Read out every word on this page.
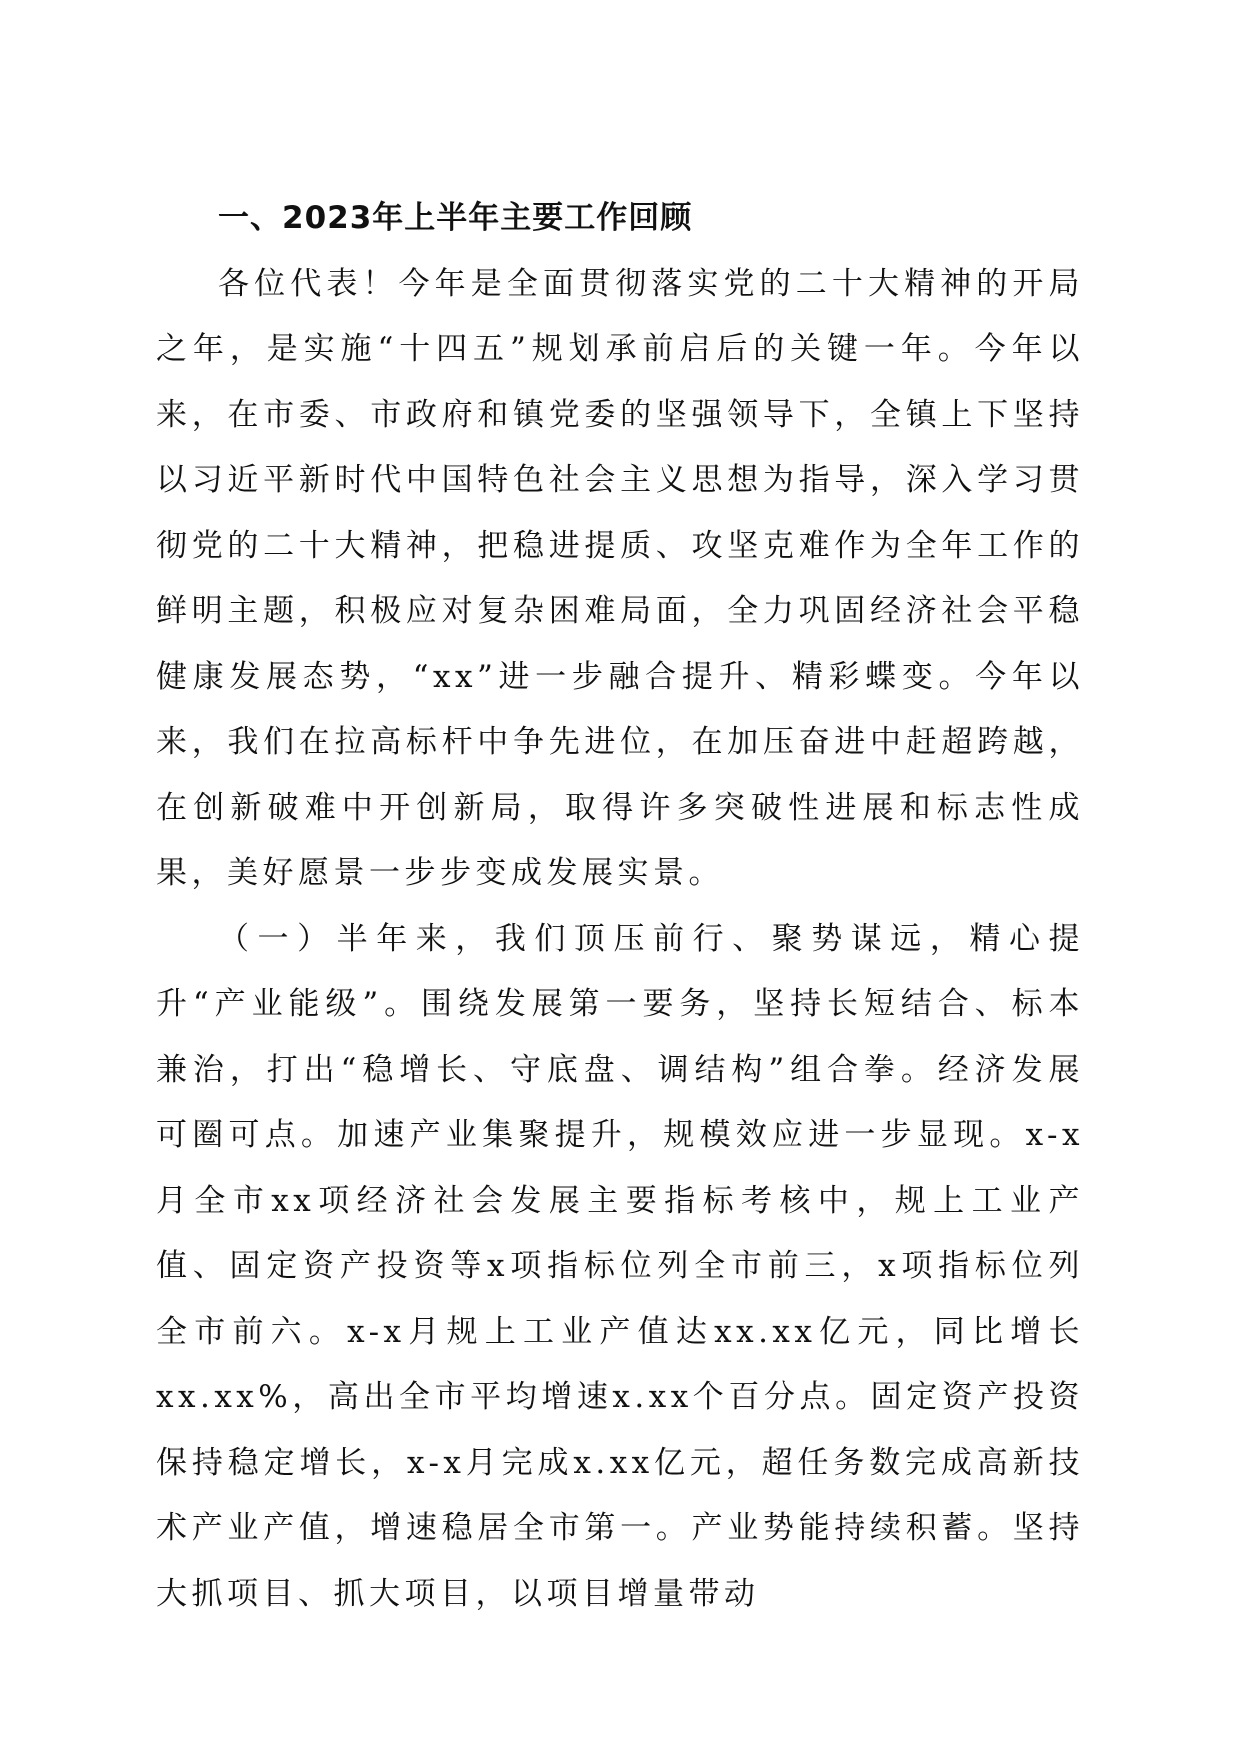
一、2023年上半年主要工作回顾

各位代表！今年是全面贯彻落实党的二十大精神的开局之年，是实施“十四五”规划承前启后的关键一年。今年以来，在市委、市政府和镇党委的坚强领导下，全镇上下坚持以习近平新时代中国特色社会主义思想为指导，深入学习贯彻党的二十大精神，把稳进提质、攻坚克难作为全年工作的鲜明主题，积极应对复杂困难局面，全力巩固经济社会平稳健康发展态势，“xx”进一步融合提升、精彩蝶变。今年以来，我们在拉高标杆中争先进位，在加压奋进中赶超跨越，在创新破难中开创新局，取得许多突破性进展和标志性成果，美好愿景一步步变成发展实景。

（一）半年来，我们顶压前行、聚势谋远，精心提升“产业能级”。围绕发展第一要务，坚持长短结合、标本兼治，打出“稳增长、守底盘、调结构”组合拳。经济发展可圈可点。加速产业集聚提升，规模效应进一步显现。x-x月全市xx项经济社会发展主要指标考核中，规上工业产值、固定资产投资等x项指标位列全市前三，x项指标位列全市前六。x-x月规上工业产值达xx.xx亿元，同比增长xx.xx%，高出全市平均增速x.xx个百分点。固定资产投资保持稳定增长，x-x月完成x.xx亿元，超任务数完成高新技术产业产值，增速稳居全市第一。产业势能持续积蓄。坚持大抓项目、抓大项目，以项目增量带动
